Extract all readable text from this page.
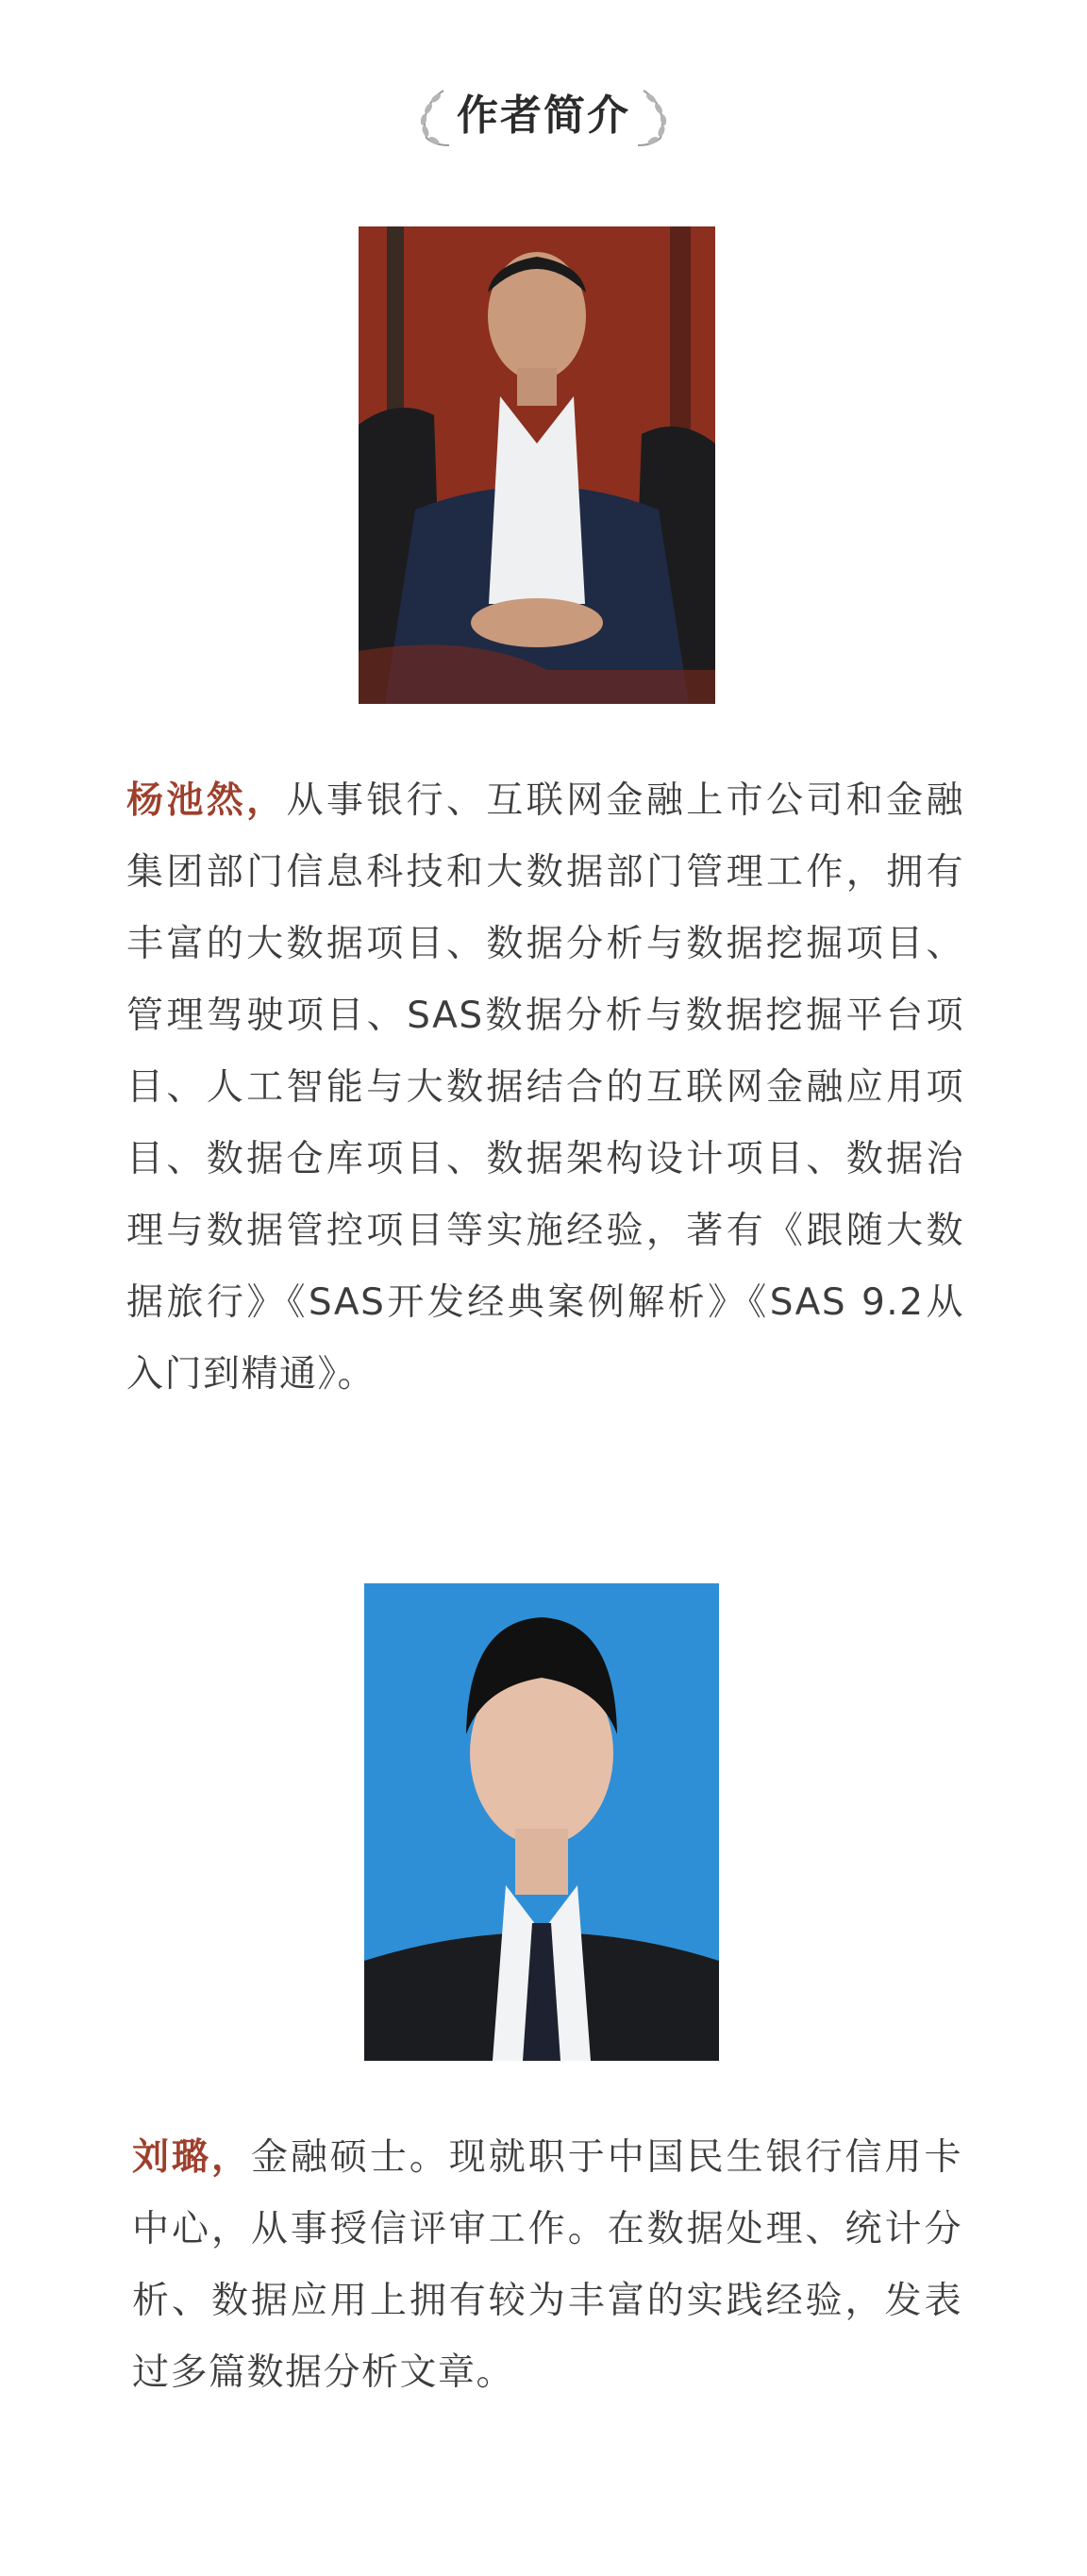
作者简介

杨池然，从事银行、互联网金融上市公司和金融集团部门信息科技和大数据部门管理工作，拥有丰富的大数据项目、数据分析与数据挖掘项目、管理驾驶项目、SAS数据分析与数据挖掘平台项目、人工智能与大数据结合的互联网金融应用项目、数据仓库项目、数据架构设计项目、数据治理与数据管控项目等实施经验，著有《跟随大数据旅行》《SAS开发经典案例解析》《SAS 9.2从入门到精通》。

刘璐，金融硕士。现就职于中国民生银行信用卡中心，从事授信评审工作。在数据处理、统计分析、数据应用上拥有较为丰富的实践经验，发表过多篇数据分析文章。
